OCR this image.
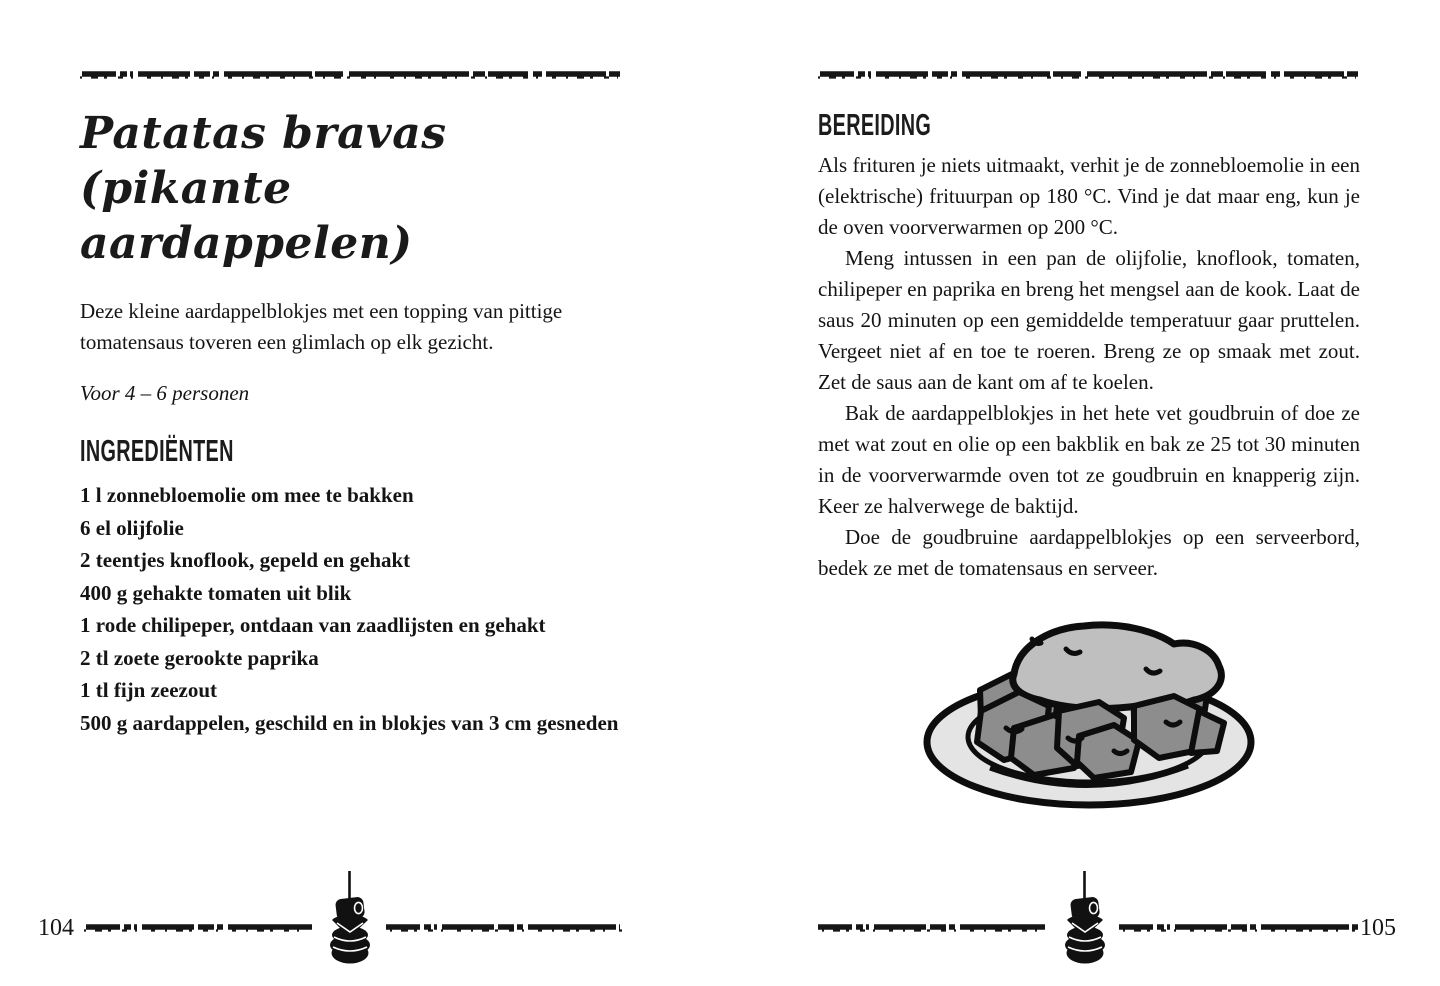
Patatas bravas
(pikante aardappelen)

Deze kleine aardappelblokjes met een topping van pittige tomatensaus toveren een glimlach op elk gezicht.

Voor 4 – 6 personen

INGREDIËNTEN
1 l zonnebloemolie om mee te bakken
6 el olijfolie
2 teentjes knoflook, gepeld en gehakt
400 g gehakte tomaten uit blik
1 rode chilipeper, ontdaan van zaadlijsten en gehakt
2 tl zoete gerookte paprika
1 tl fijn zeezout
500 g aardappelen, geschild en in blokjes van 3 cm gesneden
BEREIDING

Als frituren je niets uitmaakt, verhit je de zonnebloemolie in een (elektrische) frituurpan op 180 °C. Vind je dat maar eng, kun je de oven voorverwarmen op 200 °C.

Meng intussen in een pan de olijfolie, knoflook, tomaten, chilipeper en paprika en breng het mengsel aan de kook. Laat de saus 20 minuten op een gemiddelde temperatuur gaar pruttelen. Vergeet niet af en toe te roeren. Breng ze op smaak met zout. Zet de saus aan de kant om af te koelen.

Bak de aardappelblokjes in het hete vet goudbruin of doe ze met wat zout en olie op een bakblik en bak ze 25 tot 30 minuten in de voorverwarmde oven tot ze goudbruin en knapperig zijn. Keer ze halverwege de baktijd.

Doe de goudbruine aardappelblokjes op een serveerbord, bedek ze met de tomatensaus en serveer.

104	105
